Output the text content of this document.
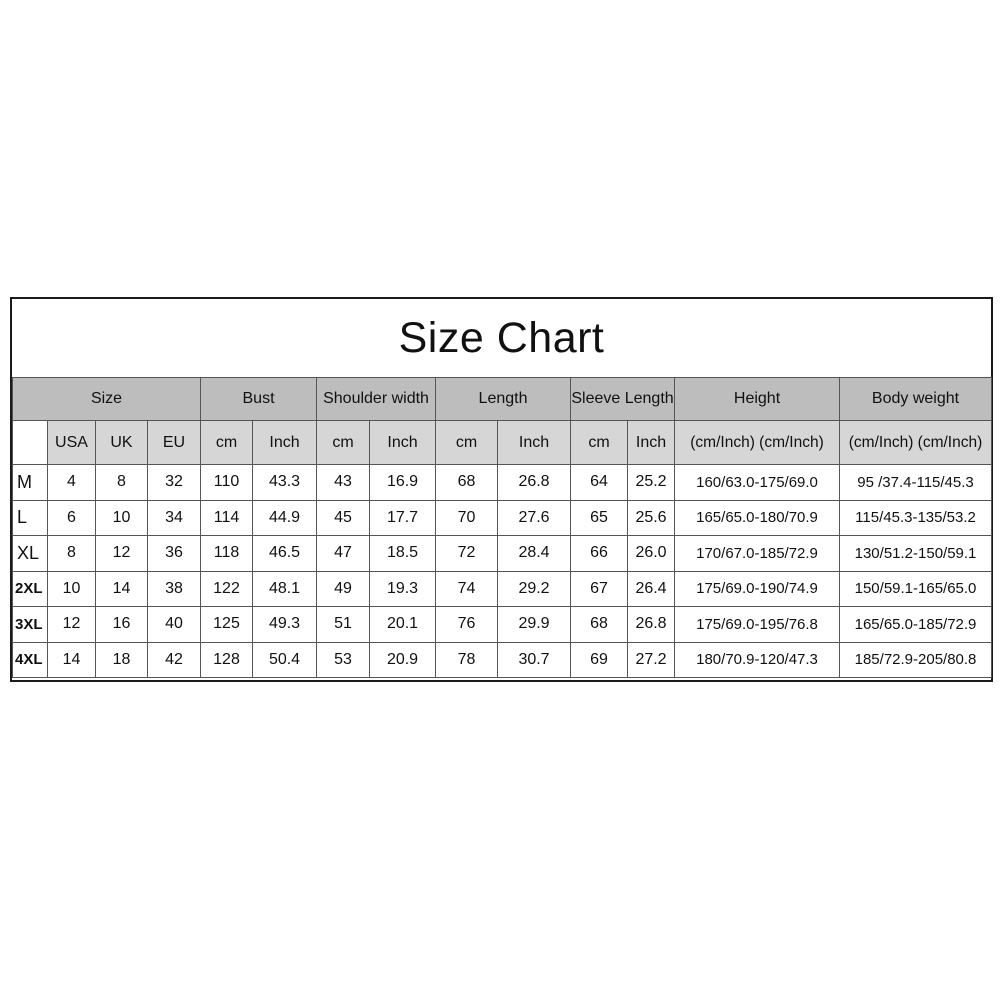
Size Chart
Size				Bust		Shoulder width		Length		Sleeve Length		Height	Body weight
	USA	UK	EU	cm	Inch	cm	Inch	cm	Inch	cm	Inch	(cm/Inch) (cm/Inch)	(cm/Inch) (cm/Inch)
M	4	8	32	110	43.3	43	16.9	68	26.8	64	25.2	160/63.0-175/69.0	95 /37.4-115/45.3
L	6	10	34	114	44.9	45	17.7	70	27.6	65	25.6	165/65.0-180/70.9	115/45.3-135/53.2
XL	8	12	36	118	46.5	47	18.5	72	28.4	66	26.0	170/67.0-185/72.9	130/51.2-150/59.1
2XL	10	14	38	122	48.1	49	19.3	74	29.2	67	26.4	175/69.0-190/74.9	150/59.1-165/65.0
3XL	12	16	40	125	49.3	51	20.1	76	29.9	68	26.8	175/69.0-195/76.8	165/65.0-185/72.9
4XL	14	18	42	128	50.4	53	20.9	78	30.7	69	27.2	180/70.9-120/47.3	185/72.9-205/80.8
